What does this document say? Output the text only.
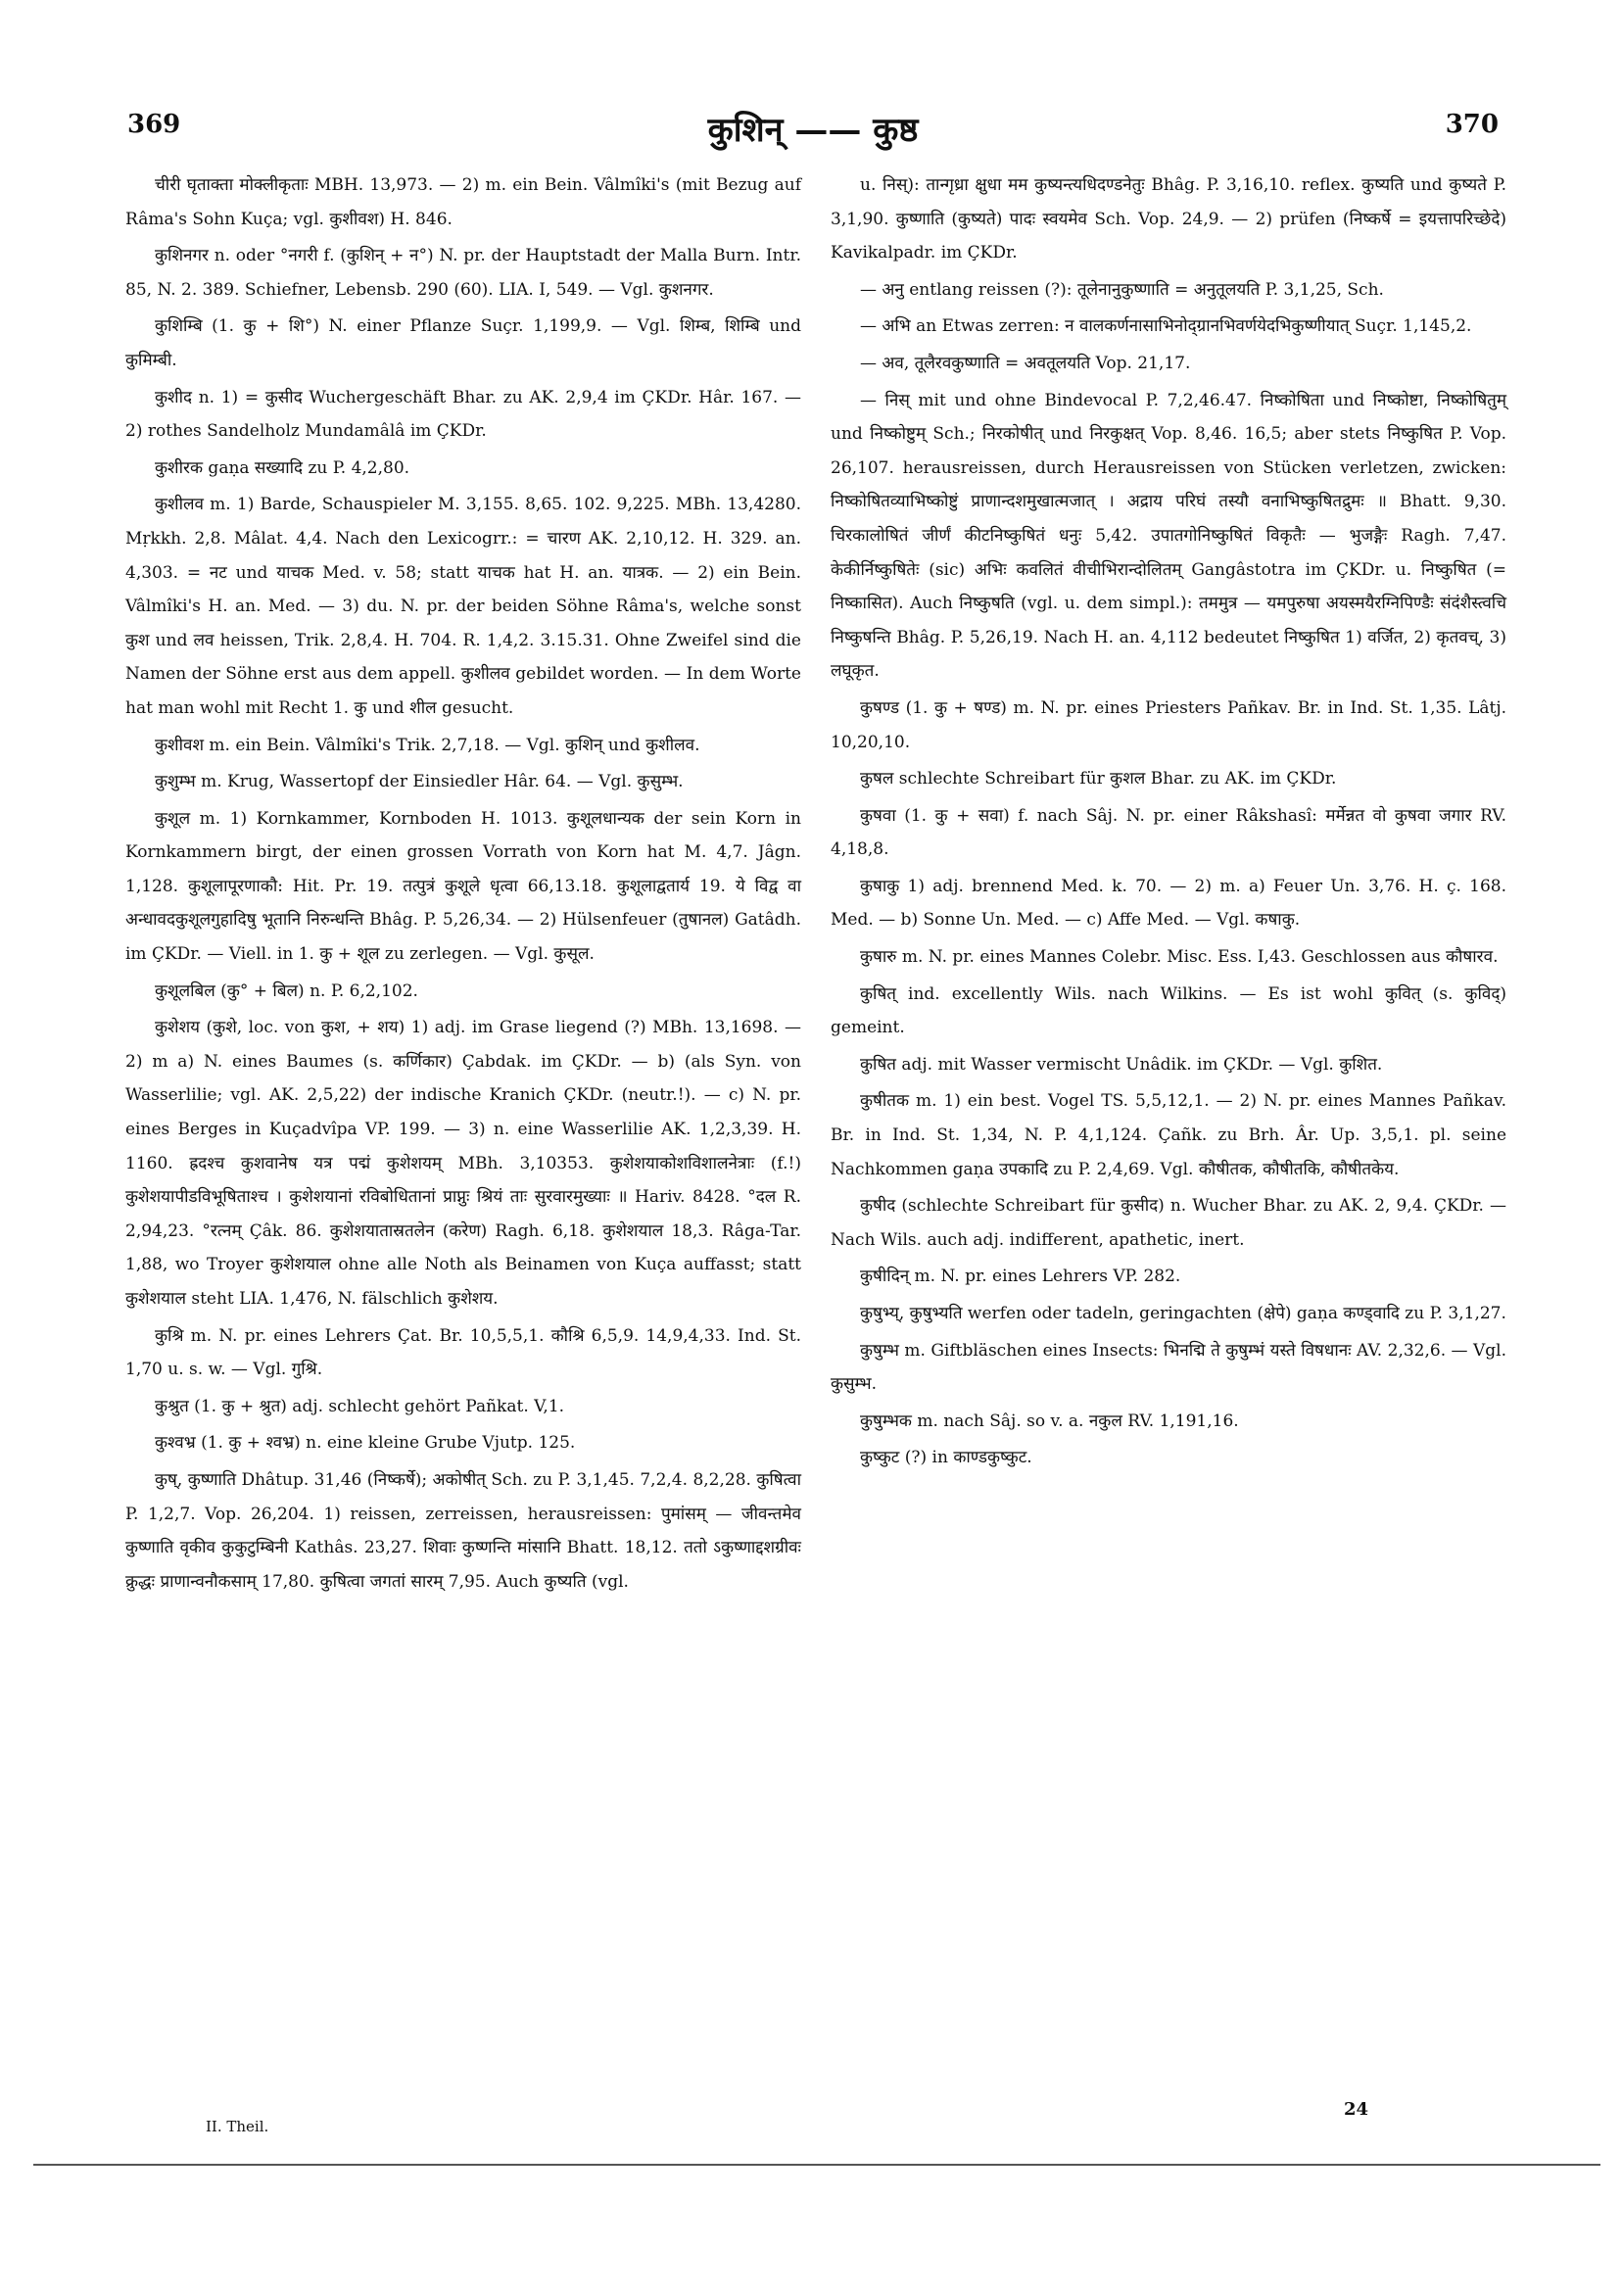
369	कुशिन् —— कुष्ठ	370

चीरी घृताक्ता मोक्लीकृताः MBH. 13,973. — 2) m. ein Bein. Vâlmîki's (mit Bezug auf Râma's Sohn Kuça; vgl. कुशीवश) H. 846.

कुशिनगर n. oder °नगरी f. (कुशिन् + न°) N. pr. der Hauptstadt der Malla Burn. Intr. 85, N. 2. 389. Schiefner, Lebensb. 290 (60). LIA. I, 549. — Vgl. कुशनगर.

कुशिम्बि (1. कु + शि°) N. einer Pflanze Suçr. 1,199,9. — Vgl. शिम्ब, शिम्बि und कुमिम्बी.

कुशीद n. 1) = कुसीद Wuchergeschäft Bhar. zu AK. 2,9,4 im ÇKDr. Hâr. 167. — 2) rothes Sandelholz Mundamâlâ im ÇKDr.

कुशीरक gaṇa सख्यादि zu P. 4,2,80.

कुशीलव m. 1) Barde, Schauspieler M. 3,155. 8,65. 102. 9,225. MBh. 13,4280. Mṛkkh. 2,8. Mâlat. 4,4. Nach den Lexicogrr.: = चारण AK. 2,10,12. H. 329. an. 4,303. = नट und याचक Med. v. 58; statt याचक hat H. an. यात्रक. — 2) ein Bein. Vâlmîki's H. an. Med. — 3) du. N. pr. der beiden Söhne Râma's, welche sonst कुश und लव heissen, Trik. 2,8,4. H. 704. R. 1,4,2. 3.15.31. Ohne Zweifel sind die Namen der Söhne erst aus dem appell. कुशीलव gebildet worden. — In dem Worte hat man wohl mit Recht 1. कु und शील gesucht.

कुशीवश m. ein Bein. Vâlmîki's Trik. 2,7,18. — Vgl. कुशिन् und कुशीलव.

कुशुम्भ m. Krug, Wassertopf der Einsiedler Hâr. 64. — Vgl. कुसुम्भ.

कुशूल m. 1) Kornkammer, Kornboden H. 1013. कुशूलधान्यक der sein Korn in Kornkammern birgt, der einen grossen Vorrath von Korn hat M. 4,7. Jâgn. 1,128. कुशूलापूरणाकौ: Hit. Pr. 19. तत्पुत्रं कुशूले धृत्वा 66,13.18. कुशूलाद्वतार्य 19. ये विद्व वा अन्धावदकुशूलगुहादिषु भूतानि निरुन्धन्ति Bhâg. P. 5,26,34. — 2) Hülsenfeuer (तुषानल) Gatâdh. im ÇKDr. — Viell. in 1. कु + शूल zu zerlegen. — Vgl. कुसूल.

कुशूलबिल (कु° + बिल) n. P. 6,2,102.

कुशेशय (कुशे, loc. von कुश, + शय) 1) adj. im Grase liegend (?) MBh. 13,1698. — 2) m a) N. eines Baumes (s. कर्णिकार) Çabdak. im ÇKDr. — b) (als Syn. von Wasserlilie; vgl. AK. 2,5,22) der indische Kranich ÇKDr. (neutr.!). — c) N. pr. eines Berges in Kuçadvîpa VP. 199. — 3) n. eine Wasserlilie AK. 1,2,3,39. H. 1160. ह्रदश्च कुशवानेष यत्र पद्मं कुशेशयम् MBh. 3,10353. कुशेशयाकोशविशालनेत्राः (f.!) कुशेशयापीडविभूषिताश्च । कुशेशयानां रविबोधितानां प्राप्नुः श्रियं ताः सुरवारमुख्याः ॥ Hariv. 8428. °दल R. 2,94,23. °रत्नम् Çâk. 86. कुशेशयातास्रतलेन (करेण) Ragh. 6,18. कुशेशयाल 18,3. Râga-Tar. 1,88, wo Troyer कुशेशयाल ohne alle Noth als Beinamen von Kuça auffasst; statt कुशेशयाल steht LIA. 1,476, N. fälschlich कुशेशय.

कुश्रि m. N. pr. eines Lehrers Çat. Br. 10,5,5,1. कौश्रि 6,5,9. 14,9,4,33. Ind. St. 1,70 u. s. w. — Vgl. गुश्रि.

कुश्रुत (1. कु + श्रुत) adj. schlecht gehört Pañkat. V,1.

कुश्वभ्र (1. कु + श्वभ्र) n. eine kleine Grube Vjutp. 125.

कुष्, कुष्णाति Dhâtup. 31,46 (निष्कर्षे); अकोषीत् Sch. zu P. 3,1,45. 7,2,4. 8,2,28. कुषित्वा P. 1,2,7. Vop. 26,204. 1) reissen, zerreissen, herausreissen: पुमांसम् — जीवन्तमेव कुष्णाति वृकीव कुकुटुम्बिनी Kathâs. 23,27. शिवाः कुष्णन्ति मांसानि Bhatt. 18,12. ततो ऽकुष्णाद्दशग्रीवः क्रुद्धः प्राणान्वनौकसाम् 17,80. कुषित्वा जगतां सारम् 7,95. Auch कुष्यति (vgl.

u. निस्): तान्गृध्रा क्षुधा मम कुष्यन्त्यधिदण्डनेतुः Bhâg. P. 3,16,10. reflex. कुष्यति und कुष्यते P. 3,1,90. कुष्णाति (कुष्यते) पादः स्वयमेव Sch. Vop. 24,9. — 2) prüfen (निष्कर्षे = इयत्तापरिच्छेदे) Kavikalpadr. im ÇKDr.

— अनु entlang reissen (?): तूलेनानुकुष्णाति = अनुतूलयति P. 3,1,25, Sch.

— अभि an Etwas zerren: न वालकर्णनासाभिनोद्ग्रानभिवर्णयेदभिकुष्णीयात् Suçr. 1,145,2.

— अव, तूलैरवकुष्णाति = अवतूलयति Vop. 21,17.

— निस् mit und ohne Bindevocal P. 7,2,46.47. निष्कोषिता und निष्कोष्टा, निष्कोषितुम् und निष्कोष्टुम् Sch.; निरकोषीत् und निरकुक्षत् Vop. 8,46. 16,5; aber stets निष्कुषित P. Vop. 26,107. herausreissen, durch Herausreissen von Stücken verletzen, zwicken: निष्कोषितव्याभिष्कोष्टुं प्राणान्दशमुखात्मजात् । अद्राय परिघं तस्यौ वनाभिष्कुषितद्रुमः ॥ Bhatt. 9,30. चिरकालोषितं जीर्णं कीटनिष्कुषितं धनुः 5,42. उपातगोनिष्कुषितं विकृतैः — भुजङ्गैः Ragh. 7,47. केकीर्निष्कुषितेः (sic) अभिः कवलितं वीचीभिरान्दोलितम् Gangâstotra im ÇKDr. u. निष्कुषित (= निष्कासित). Auch निष्कुषति (vgl. u. dem simpl.): तममुत्र — यमपुरुषा अयस्मयैरग्निपिण्डैः संदंशैस्त्वचि निष्कुषन्ति Bhâg. P. 5,26,19. Nach H. an. 4,112 bedeutet निष्कुषित 1) वर्जित, 2) कृतवच्, 3) लघूकृत.

कुषण्ड (1. कु + षण्ड) m. N. pr. eines Priesters Pañkav. Br. in Ind. St. 1,35. Lâtj. 10,20,10.

कुषल schlechte Schreibart für कुशल Bhar. zu AK. im ÇKDr.

कुषवा (1. कु + सवा) f. nach Sâj. N. pr. einer Râkshasî: मर्मेन्नत वो कुषवा जगार RV. 4,18,8.

कुषाकु 1) adj. brennend Med. k. 70. — 2) m. a) Feuer Un. 3,76. H. ç. 168. Med. — b) Sonne Un. Med. — c) Affe Med. — Vgl. कषाकु.

कुषारु m. N. pr. eines Mannes Colebr. Misc. Ess. I,43. Geschlossen aus कौषारव.

कुषित् ind. excellently Wils. nach Wilkins. — Es ist wohl कुवित् (s. कुविद्) gemeint.

कुषित adj. mit Wasser vermischt Unâdik. im ÇKDr. — Vgl. कुशित.

कुषीतक m. 1) ein best. Vogel TS. 5,5,12,1. — 2) N. pr. eines Mannes Pañkav. Br. in Ind. St. 1,34, N. P. 4,1,124. Çañk. zu Brh. Âr. Up. 3,5,1. pl. seine Nachkommen gaṇa उपकादि zu P. 2,4,69. Vgl. कौषीतक, कौषीतकि, कौषीतकेय.

कुषीद (schlechte Schreibart für कुसीद) n. Wucher Bhar. zu AK. 2, 9,4. ÇKDr. — Nach Wils. auch adj. indifferent, apathetic, inert.

कुषीदिन् m. N. pr. eines Lehrers VP. 282.

कुषुभ्य्, कुषुभ्यति werfen oder tadeln, geringachten (क्षेपे) gaṇa कण्ड्वादि zu P. 3,1,27.

कुषुम्भ m. Giftbläschen eines Insects: भिनद्मि ते कुषुम्भं यस्ते विषधानः AV. 2,32,6. — Vgl. कुसुम्भ.

कुषुम्भक m. nach Sâj. so v. a. नकुल RV. 1,191,16.

कुष्कुट (?) in काण्डकुष्कुट.

II. Theil.
24
